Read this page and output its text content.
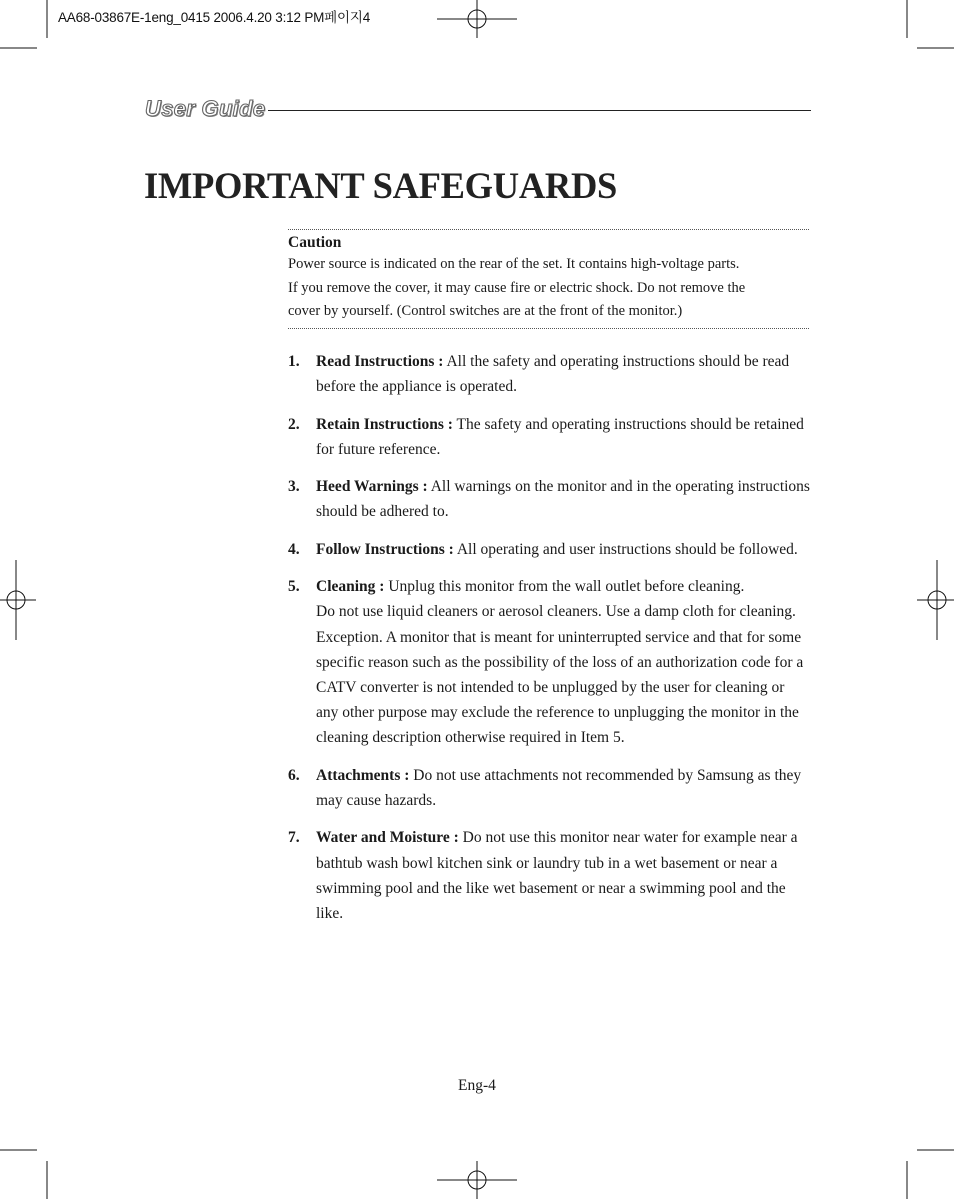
AA68-03867E-1eng_0415 2006.4.20 3:12 PM페이지4
User Guide
IMPORTANT SAFEGUARDS

Caution

Power source is indicated on the rear of the set. It contains high-voltage parts.

If you remove the cover, it may cause fire or electric shock. Do not remove the

cover by yourself. (Control switches are at the front of the monitor.)

1. Read Instructions : All the safety and operating instructions should be read before the appliance is operated.

2. Retain Instructions : The safety and operating instructions should be retained for future reference.

3. Heed Warnings : All warnings on the monitor and in the operating instructions should be adhered to.

4. Follow Instructions : All operating and user instructions should be followed.

5. Cleaning : Unplug this monitor from the wall outlet before cleaning.

Do not use liquid cleaners or aerosol cleaners. Use a damp cloth for cleaning.

Exception. A monitor that is meant for uninterrupted service and that for some specific reason such as the possibility of the loss of an authorization code for a CATV converter is not intended to be unplugged by the user for cleaning or any other purpose may exclude the reference to unplugging the monitor in the cleaning description otherwise required in Item 5.

6. Attachments : Do not use attachments not recommended by Samsung as they may cause hazards.

7. Water and Moisture : Do not use this monitor near water for example near a bathtub wash bowl kitchen sink or laundry tub in a wet basement or near a swimming pool and the like wet basement or near a swimming pool and the like.

Eng-4
